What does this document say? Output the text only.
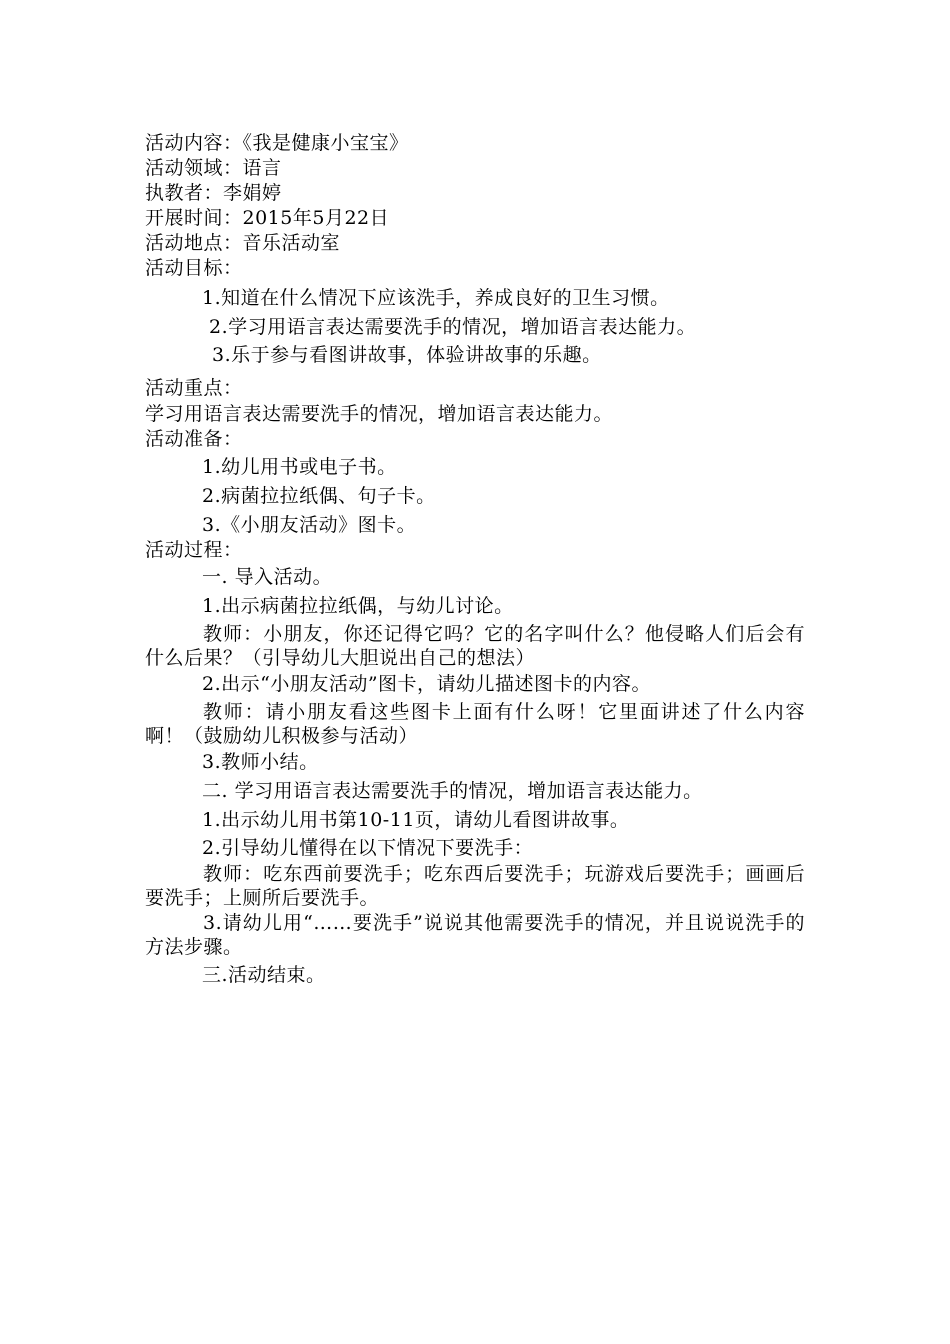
活动内容：《我是健康小宝宝》
活动领域：语言
执教者：李娟婷
开展时间：2015年5月22日
活动地点：音乐活动室
活动目标：
1.知道在什么情况下应该洗手，养成良好的卫生习惯。
2.学习用语言表达需要洗手的情况，增加语言表达能力。
3.乐于参与看图讲故事，体验讲故事的乐趣。
活动重点：
学习用语言表达需要洗手的情况，增加语言表达能力。
活动准备：
1.幼儿用书或电子书。
2.病菌拉拉纸偶、句子卡。
3.《小朋友活动》图卡。
活动过程：
一. 导入活动。
1.出示病菌拉拉纸偶，与幼儿讨论。
教师：小朋友，你还记得它吗？它的名字叫什么？他侵略人们后会有什么后果？（引导幼儿大胆说出自己的想法）
2.出示“小朋友活动”图卡，请幼儿描述图卡的内容。
教师：请小朋友看这些图卡上面有什么呀！它里面讲述了什么内容啊！（鼓励幼儿积极参与活动）
3.教师小结。
二. 学习用语言表达需要洗手的情况，增加语言表达能力。
1.出示幼儿用书第10-11页，请幼儿看图讲故事。
2.引导幼儿懂得在以下情况下要洗手：
教师：吃东西前要洗手；吃东西后要洗手；玩游戏后要洗手；画画后要洗手；上厕所后要洗手。
3.请幼儿用“……要洗手”说说其他需要洗手的情况，并且说说洗手的方法步骤。
三.活动结束。
